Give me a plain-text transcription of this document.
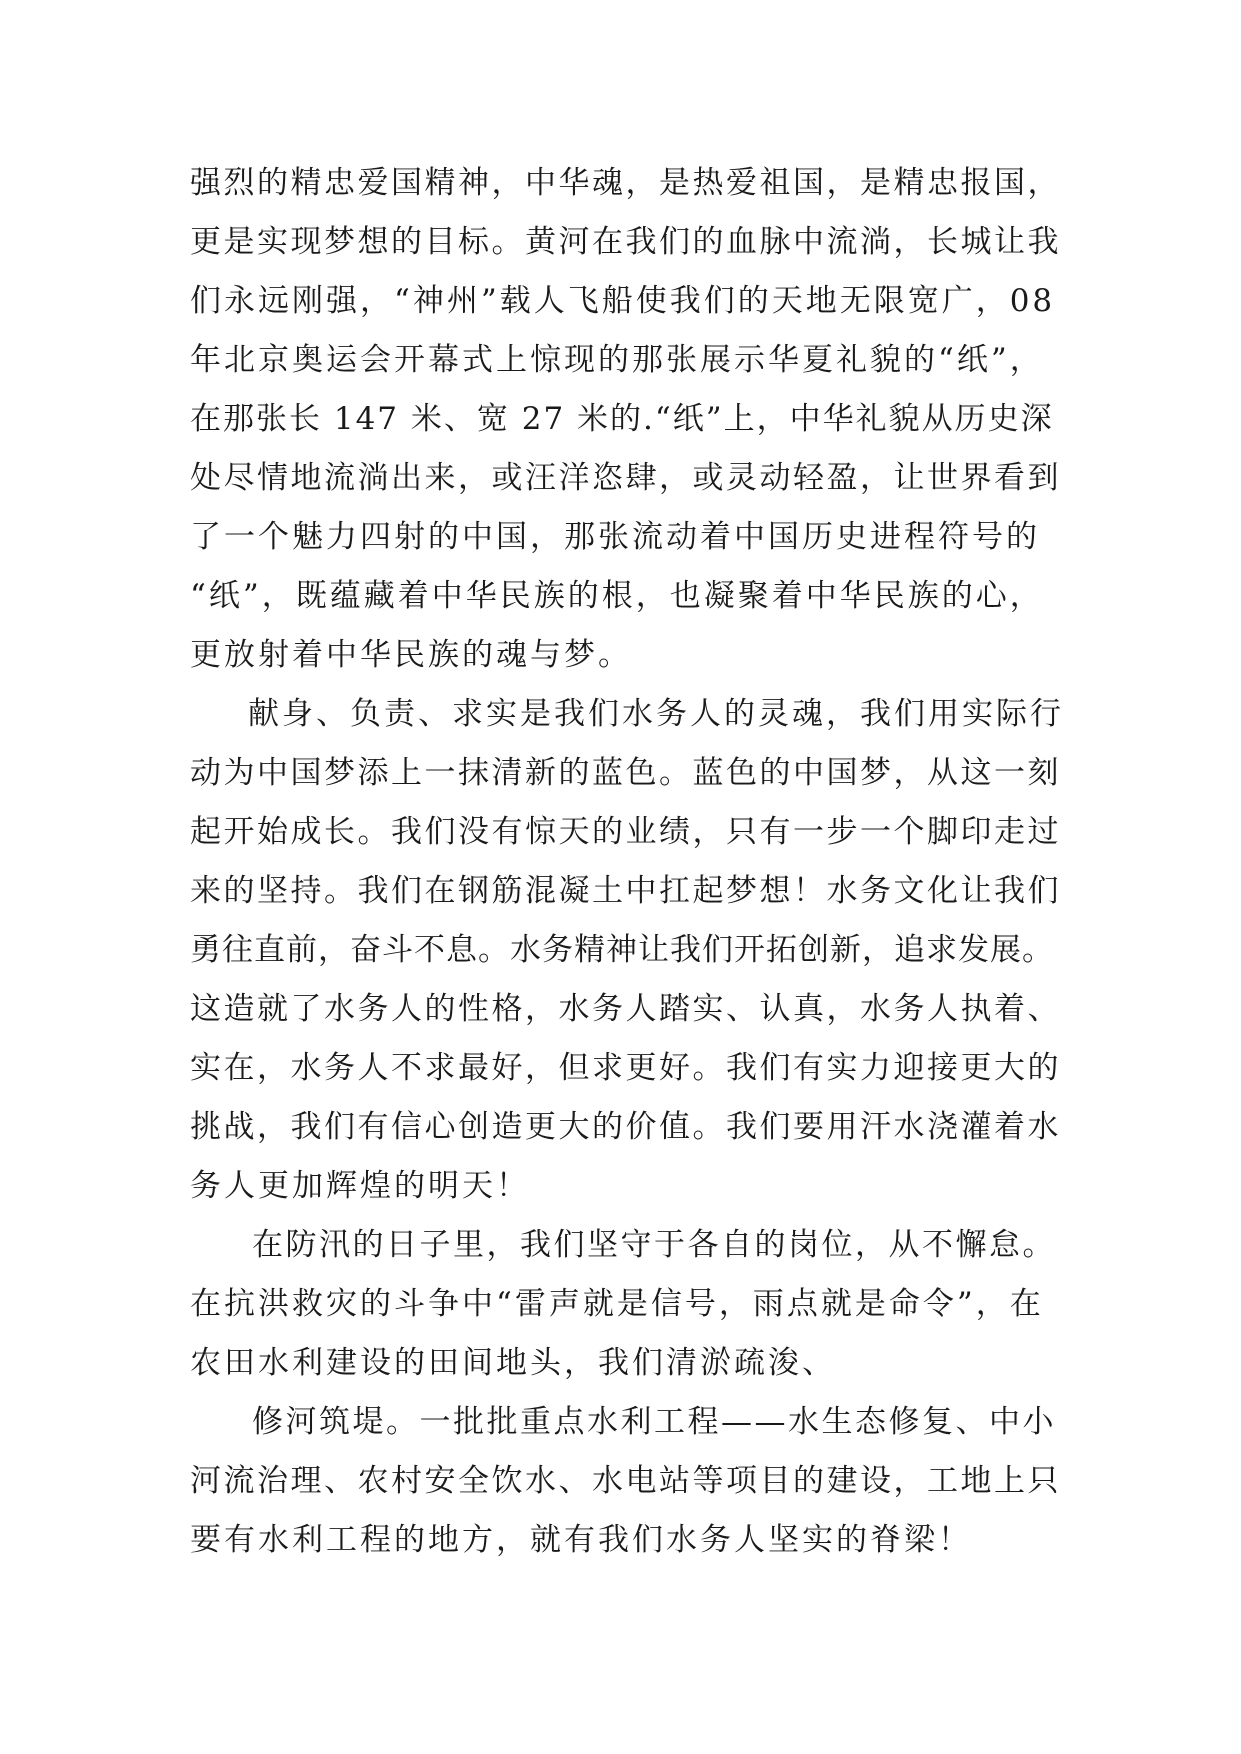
强烈的精忠爱国精神，中华魂，是热爱祖国，是精忠报国，
更是实现梦想的目标。黄河在我们的血脉中流淌，长城让我
们永远刚强，“神州”载人飞船使我们的天地无限宽广，08
年北京奥运会开幕式上惊现的那张展示华夏礼貌的“纸”，
在那张长 147 米、宽 27 米的.“纸”上，中华礼貌从历史深
处尽情地流淌出来，或汪洋恣肆，或灵动轻盈，让世界看到
了一个魅力四射的中国，那张流动着中国历史进程符号的
“纸”，既蕴藏着中华民族的根，也凝聚着中华民族的心，
更放射着中华民族的魂与梦。
献身、负责、求实是我们水务人的灵魂，我们用实际行
动为中国梦添上一抹清新的蓝色。蓝色的中国梦，从这一刻
起开始成长。我们没有惊天的业绩，只有一步一个脚印走过
来的坚持。我们在钢筋混凝土中扛起梦想！水务文化让我们
勇往直前，奋斗不息。水务精神让我们开拓创新，追求发展。
这造就了水务人的性格，水务人踏实、认真，水务人执着、
实在，水务人不求最好，但求更好。我们有实力迎接更大的
挑战，我们有信心创造更大的价值。我们要用汗水浇灌着水
务人更加辉煌的明天！
在防汛的日子里，我们坚守于各自的岗位，从不懈怠。
在抗洪救灾的斗争中“雷声就是信号，雨点就是命令”，在
农田水利建设的田间地头，我们清淤疏浚、
修河筑堤。一批批重点水利工程——水生态修复、中小
河流治理、农村安全饮水、水电站等项目的建设，工地上只
要有水利工程的地方，就有我们水务人坚实的脊梁！
